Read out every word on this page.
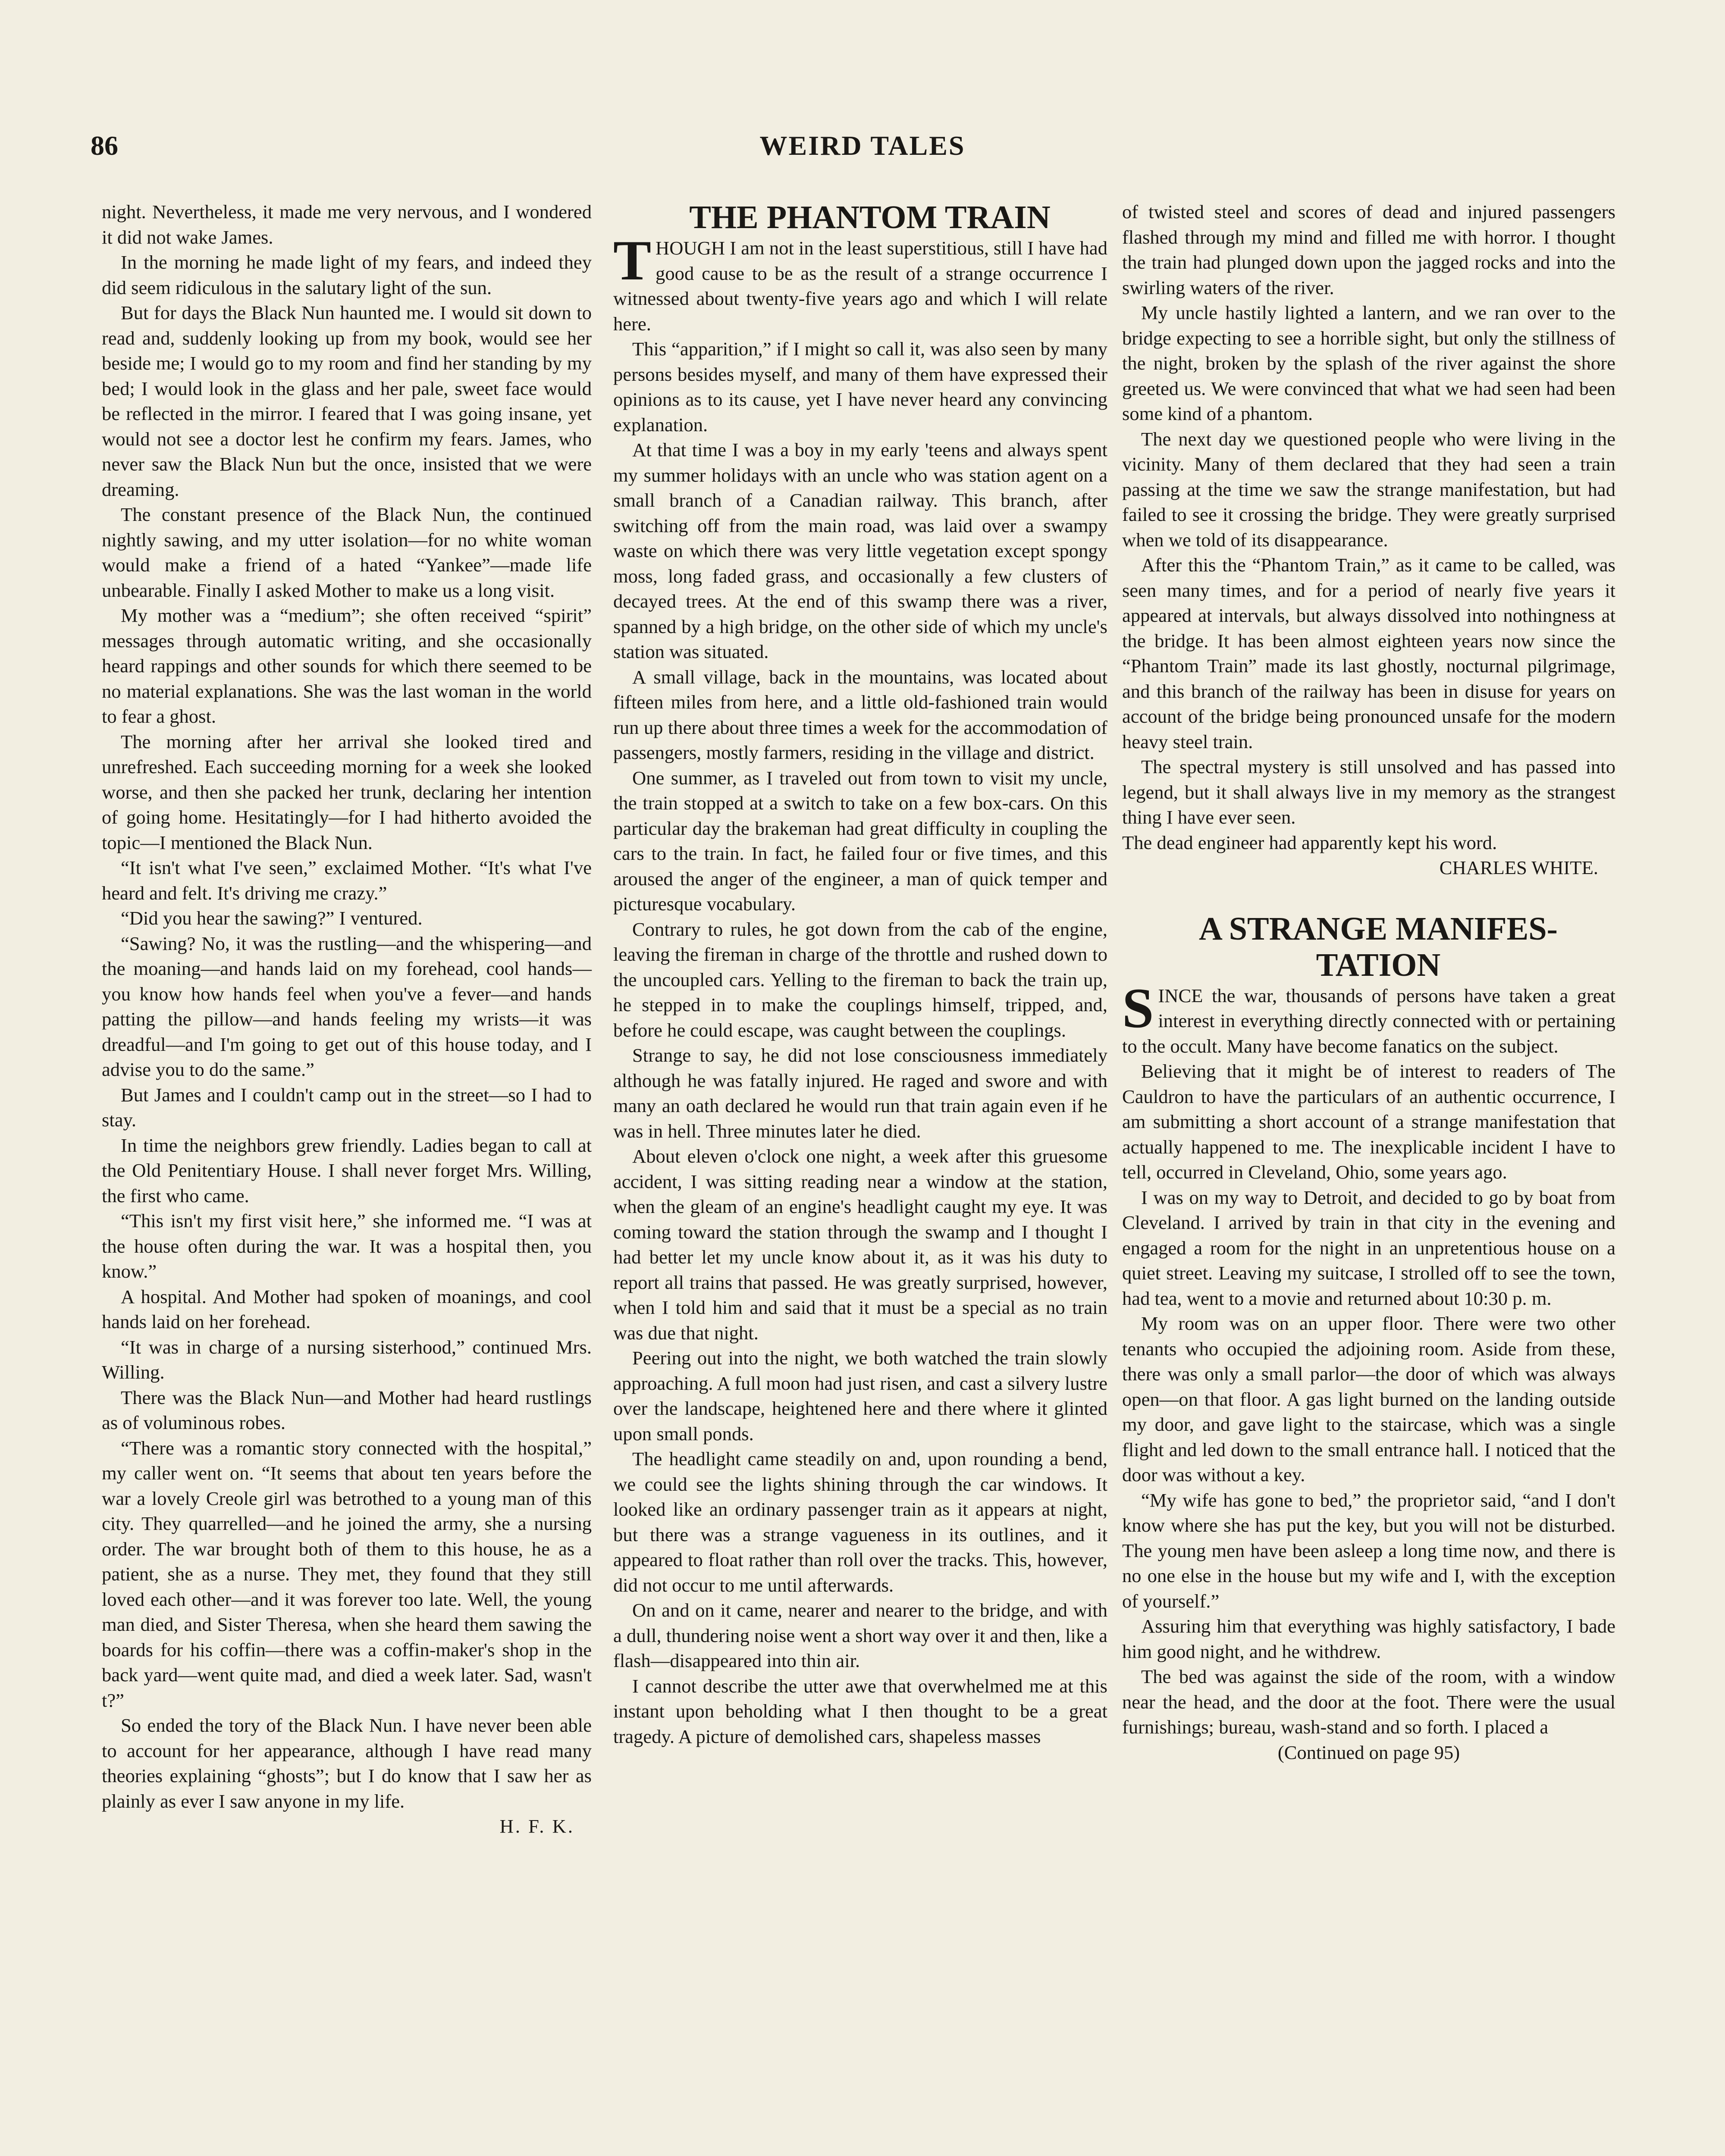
86	WEIRD TALES

night. Nevertheless, it made me very nervous, and I wondered it did not wake James.

In the morning he made light of my fears, and indeed they did seem ridiculous in the salutary light of the sun.

But for days the Black Nun haunted me. I would sit down to read and, suddenly looking up from my book, would see her beside me; I would go to my room and find her standing by my bed; I would look in the glass and her pale, sweet face would be reflected in the mirror. I feared that I was going insane, yet would not see a doctor lest he confirm my fears. James, who never saw the Black Nun but the once, insisted that we were dreaming.

The constant presence of the Black Nun, the continued nightly sawing, and my utter isolation—for no white woman would make a friend of a hated “Yankee”—made life unbearable. Finally I asked Mother to make us a long visit.

My mother was a “medium”; she often received “spirit” messages through automatic writing, and she occasionally heard rappings and other sounds for which there seemed to be no material explanations. She was the last woman in the world to fear a ghost.

The morning after her arrival she looked tired and unrefreshed. Each succeeding morning for a week she looked worse, and then she packed her trunk, declaring her intention of going home. Hesitatingly—for I had hitherto avoided the topic—I mentioned the Black Nun.

“It isn't what I've seen,” exclaimed Mother. “It's what I've heard and felt. It's driving me crazy.”

“Did you hear the sawing?” I ventured.

“Sawing? No, it was the rustling—and the whispering—and the moaning—and hands laid on my forehead, cool hands—you know how hands feel when you've a fever—and hands patting the pillow—and hands feeling my wrists—it was dreadful—and I'm going to get out of this house today, and I advise you to do the same.”

But James and I couldn't camp out in the street—so I had to stay.

In time the neighbors grew friendly. Ladies began to call at the Old Penitentiary House. I shall never forget Mrs. Willing, the first who came.

“This isn't my first visit here,” she informed me. “I was at the house often during the war. It was a hospital then, you know.”

A hospital. And Mother had spoken of moanings, and cool hands laid on her forehead.

“It was in charge of a nursing sisterhood,” continued Mrs. Willing.

There was the Black Nun—and Mother had heard rustlings as of voluminous robes.

“There was a romantic story connected with the hospital,” my caller went on. “It seems that about ten years before the war a lovely Creole girl was betrothed to a young man of this city. They quarrelled—and he joined the army, she a nursing order. The war brought both of them to this house, he as a patient, she as a nurse. They met, they found that they still loved each other—and it was forever too late. Well, the young man died, and Sister Theresa, when she heard them sawing the boards for his coffin—there was a coffin-maker's shop in the back yard—went quite mad, and died a week later. Sad, wasn't t?”

So ended the tory of the Black Nun. I have never been able to account for her appearance, although I have read many theories explaining “ghosts”; but I do know that I saw her as plainly as ever I saw anyone in my life.

H. F. K.

THE PHANTOM TRAIN

THOUGH I am not in the least superstitious, still I have had good cause to be as the result of a strange occurrence I witnessed about twenty-five years ago and which I will relate here.

This “apparition,” if I might so call it, was also seen by many persons besides myself, and many of them have expressed their opinions as to its cause, yet I have never heard any convincing explanation.

At that time I was a boy in my early 'teens and always spent my summer holidays with an uncle who was station agent on a small branch of a Canadian railway. This branch, after switching off from the main road, was laid over a swampy waste on which there was very little vegetation except spongy moss, long faded grass, and occasionally a few clusters of decayed trees. At the end of this swamp there was a river, spanned by a high bridge, on the other side of which my uncle's station was situated.

A small village, back in the mountains, was located about fifteen miles from here, and a little old-fashioned train would run up there about three times a week for the accommodation of passengers, mostly farmers, residing in the village and district.

One summer, as I traveled out from town to visit my uncle, the train stopped at a switch to take on a few box-cars. On this particular day the brakeman had great difficulty in coupling the cars to the train. In fact, he failed four or five times, and this aroused the anger of the engineer, a man of quick temper and picturesque vocabulary.

Contrary to rules, he got down from the cab of the engine, leaving the fireman in charge of the throttle and rushed down to the uncoupled cars. Yelling to the fireman to back the train up, he stepped in to make the couplings himself, tripped, and, before he could escape, was caught between the couplings.

Strange to say, he did not lose consciousness immediately although he was fatally injured. He raged and swore and with many an oath declared he would run that train again even if he was in hell. Three minutes later he died.

About eleven o'clock one night, a week after this gruesome accident, I was sitting reading near a window at the station, when the gleam of an engine's headlight caught my eye. It was coming toward the station through the swamp and I thought I had better let my uncle know about it, as it was his duty to report all trains that passed. He was greatly surprised, however, when I told him and said that it must be a special as no train was due that night.

Peering out into the night, we both watched the train slowly approaching. A full moon had just risen, and cast a silvery lustre over the landscape, heightened here and there where it glinted upon small ponds.

The headlight came steadily on and, upon rounding a bend, we could see the lights shining through the car windows. It looked like an ordinary passenger train as it appears at night, but there was a strange vagueness in its outlines, and it appeared to float rather than roll over the tracks. This, however, did not occur to me until afterwards.

On and on it came, nearer and nearer to the bridge, and with a dull, thundering noise went a short way over it and then, like a flash—disappeared into thin air.

I cannot describe the utter awe that overwhelmed me at this instant upon beholding what I then thought to be a great tragedy. A picture of demolished cars, shapeless masses

of twisted steel and scores of dead and injured passengers flashed through my mind and filled me with horror. I thought the train had plunged down upon the jagged rocks and into the swirling waters of the river.

My uncle hastily lighted a lantern, and we ran over to the bridge expecting to see a horrible sight, but only the stillness of the night, broken by the splash of the river against the shore greeted us. We were convinced that what we had seen had been some kind of a phantom.

The next day we questioned people who were living in the vicinity. Many of them declared that they had seen a train passing at the time we saw the strange manifestation, but had failed to see it crossing the bridge. They were greatly surprised when we told of its disappearance.

After this the “Phantom Train,” as it came to be called, was seen many times, and for a period of nearly five years it appeared at intervals, but always dissolved into nothingness at the bridge. It has been almost eighteen years now since the “Phantom Train” made its last ghostly, nocturnal pilgrimage, and this branch of the railway has been in disuse for years on account of the bridge being pronounced unsafe for the modern heavy steel train.

The spectral mystery is still unsolved and has passed into legend, but it shall always live in my memory as the strangest thing I have ever seen.

The dead engineer had apparently kept his word.
CHARLES WHITE.

A STRANGE MANIFES-

TATION

SINCE the war, thousands of persons have taken a great interest in everything directly connected with or pertaining to the occult. Many have become fanatics on the subject.

Believing that it might be of interest to readers of The Cauldron to have the particulars of an authentic occurrence, I am submitting a short account of a strange manifestation that actually happened to me. The inexplicable incident I have to tell, occurred in Cleveland, Ohio, some years ago.

I was on my way to Detroit, and decided to go by boat from Cleveland. I arrived by train in that city in the evening and engaged a room for the night in an unpretentious house on a quiet street. Leaving my suitcase, I strolled off to see the town, had tea, went to a movie and returned about 10:30 p. m.

My room was on an upper floor. There were two other tenants who occupied the adjoining room. Aside from these, there was only a small parlor—the door of which was always open—on that floor. A gas light burned on the landing outside my door, and gave light to the staircase, which was a single flight and led down to the small entrance hall. I noticed that the door was without a key.

“My wife has gone to bed,” the proprietor said, “and I don't know where she has put the key, but you will not be disturbed. The young men have been asleep a long time now, and there is no one else in the house but my wife and I, with the exception of yourself.”

Assuring him that everything was highly satisfactory, I bade him good night, and he withdrew.

The bed was against the side of the room, with a window near the head, and the door at the foot. There were the usual furnishings; bureau, wash-stand and so forth. I placed a

(Continued on page 95)
